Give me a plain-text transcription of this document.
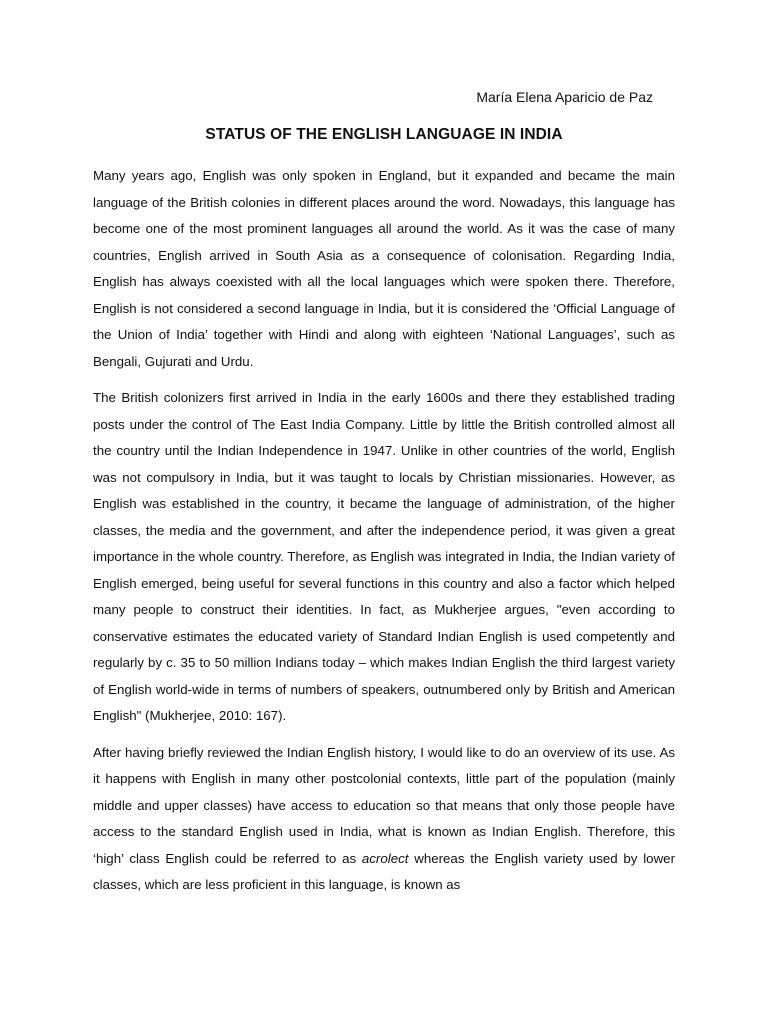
María Elena Aparicio de Paz
STATUS OF THE ENGLISH LANGUAGE IN INDIA

Many years ago, English was only spoken in England, but it expanded and became the main language of the British colonies in different places around the word. Nowadays, this language has become one of the most prominent languages all around the world. As it was the case of many countries, English arrived in South Asia as a consequence of colonisation. Regarding India, English has always coexisted with all the local languages which were spoken there. Therefore, English is not considered a second language in India, but it is considered the ‘Official Language of the Union of India’ together with Hindi and along with eighteen ‘National Languages’, such as Bengali, Gujurati and Urdu.

The British colonizers first arrived in India in the early 1600s and there they established trading posts under the control of The East India Company. Little by little the British controlled almost all the country until the Indian Independence in 1947. Unlike in other countries of the world, English was not compulsory in India, but it was taught to locals by Christian missionaries. However, as English was established in the country, it became the language of administration, of the higher classes, the media and the government, and after the independence period, it was given a great importance in the whole country. Therefore, as English was integrated in India, the Indian variety of English emerged, being useful for several functions in this country and also a factor which helped many people to construct their identities. In fact, as Mukherjee argues, "even according to conservative estimates the educated variety of Standard Indian English is used competently and regularly by c. 35 to 50 million Indians today – which makes Indian English the third largest variety of English world-wide in terms of numbers of speakers, outnumbered only by British and American English" (Mukherjee, 2010: 167).

After having briefly reviewed the Indian English history, I would like to do an overview of its use. As it happens with English in many other postcolonial contexts, little part of the population (mainly middle and upper classes) have access to education so that means that only those people have access to the standard English used in India, what is known as Indian English. Therefore, this ‘high’ class English could be referred to as acrolect whereas the English variety used by lower classes, which are less proficient in this language, is known as
